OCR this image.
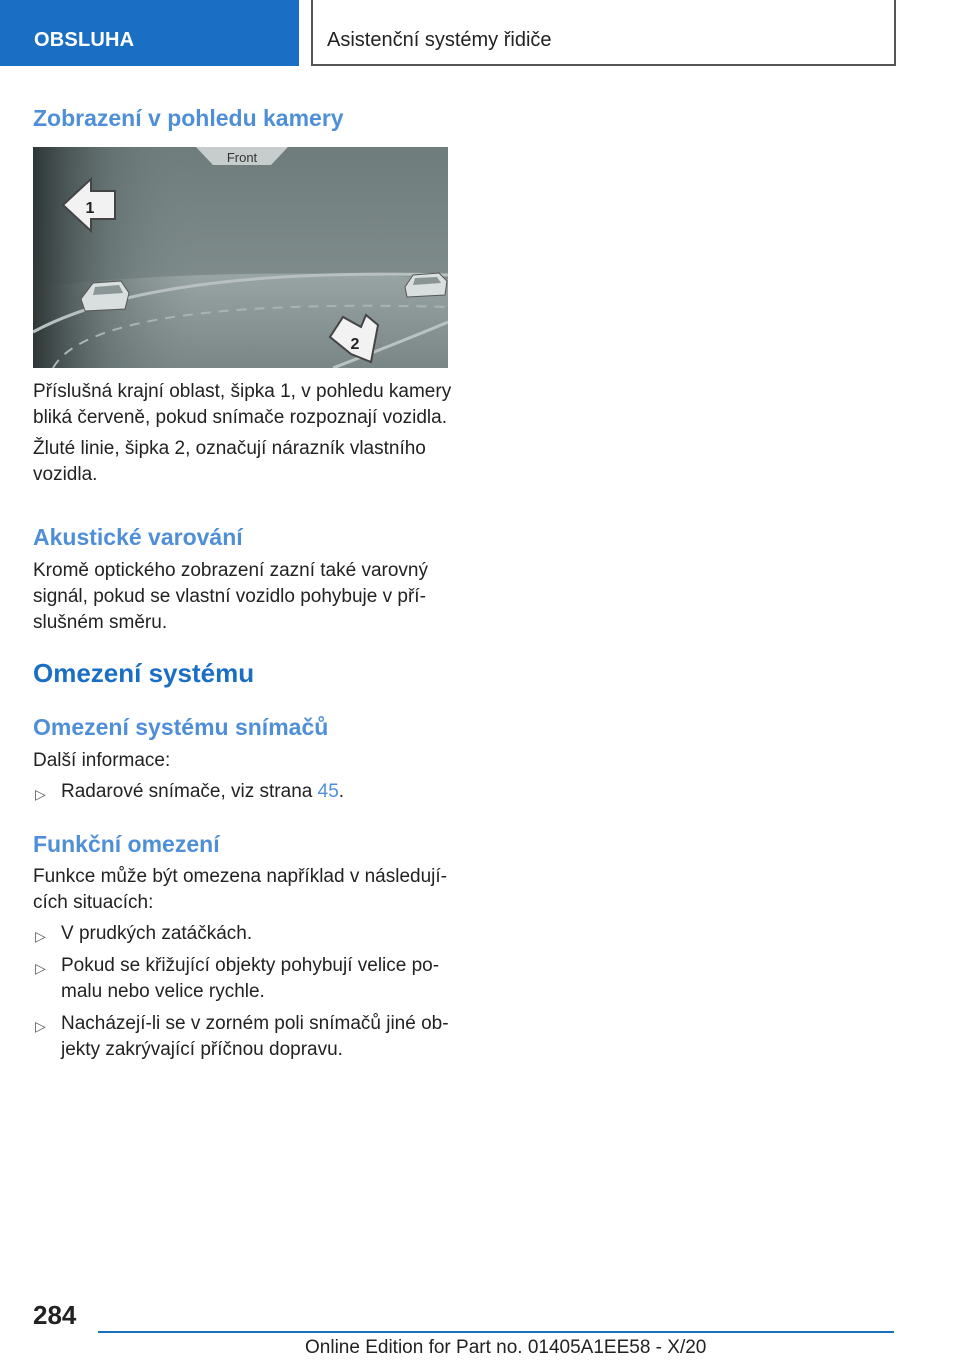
OBSLUHA	Asistenční systémy řidiče
Zobrazení v pohledu kamery
Front
1
2

Příslušná krajní oblast, šipka 1, v pohledu kamery bliká červeně, pokud snímače rozpoznají vozidla.

Žluté linie, šipka 2, označují nárazník vlastního vozidla.

Akustické varování

Kromě optického zobrazení zazní také varovný signál, pokud se vlastní vozidlo pohybuje v příslušném směru.

Omezení systému
Omezení systému snímačů

Další informace:

▷ Radarové snímače, viz strana 45.
Funkční omezení

Funkce může být omezena například v následujících situacích:

▷ V prudkých zatáčkách.
▷ Pokud se křižující objekty pohybují velice pomalu nebo velice rychle.
▷ Nacházejí-li se v zorném poli snímačů jiné objekty zakrývající příčnou dopravu.
284
Online Edition for Part no. 01405A1EE58 - X/20
